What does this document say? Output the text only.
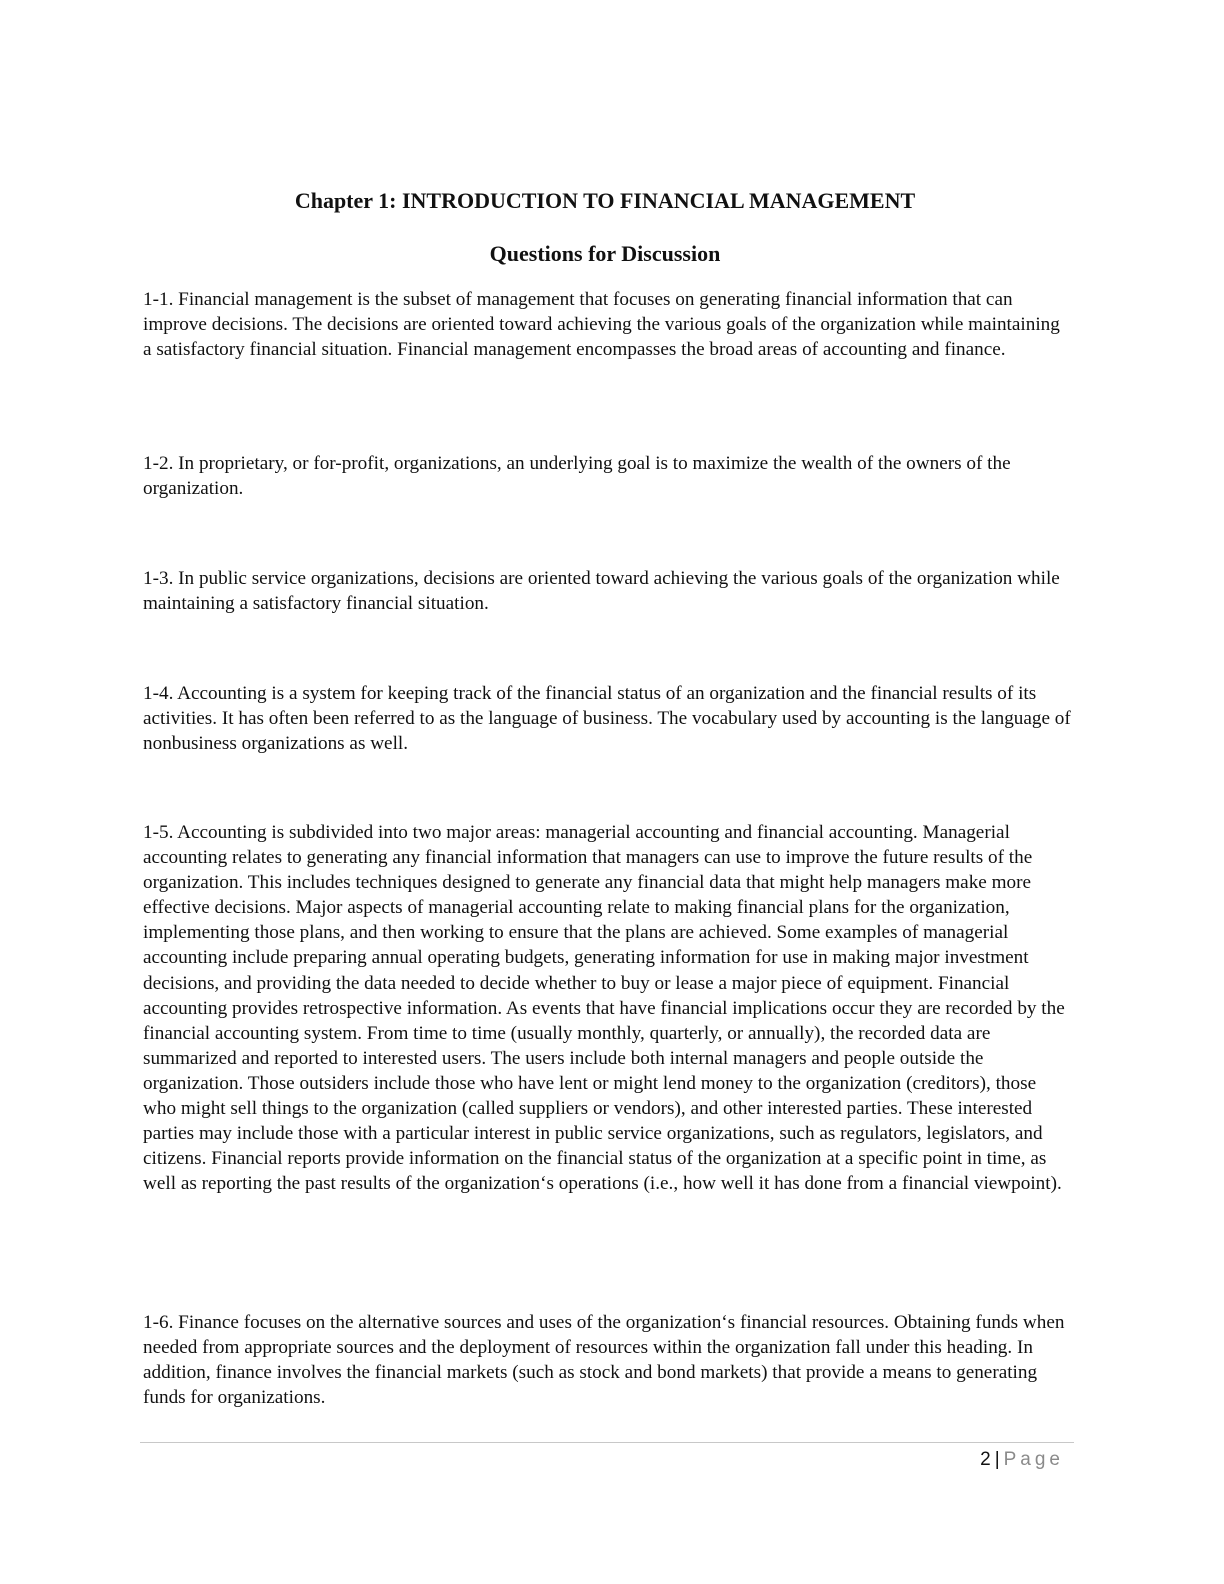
Chapter 1: INTRODUCTION TO FINANCIAL MANAGEMENT
Questions for Discussion

1-1. Financial management is the subset of management that focuses on generating financial information that can improve decisions. The decisions are oriented toward achieving the various goals of the organization while maintaining a satisfactory financial situation. Financial management encompasses the broad areas of accounting and finance.

1-2. In proprietary, or for-profit, organizations, an underlying goal is to maximize the wealth of the owners of the organization.

1-3. In public service organizations, decisions are oriented toward achieving the various goals of the organization while maintaining a satisfactory financial situation.

1-4. Accounting is a system for keeping track of the financial status of an organization and the financial results of its activities. It has often been referred to as the language of business. The vocabulary used by accounting is the language of nonbusiness organizations as well.

1-5. Accounting is subdivided into two major areas: managerial accounting and financial accounting. Managerial accounting relates to generating any financial information that managers can use to improve the future results of the organization. This includes techniques designed to generate any financial data that might help managers make more effective decisions. Major aspects of managerial accounting relate to making financial plans for the organization, implementing those plans, and then working to ensure that the plans are achieved. Some examples of managerial accounting include preparing annual operating budgets, generating information for use in making major investment decisions, and providing the data needed to decide whether to buy or lease a major piece of equipment. Financial accounting provides retrospective information. As events that have financial implications occur they are recorded by the financial accounting system. From time to time (usually monthly, quarterly, or annually), the recorded data are summarized and reported to interested users. The users include both internal managers and people outside the organization. Those outsiders include those who have lent or might lend money to the organization (creditors), those who might sell things to the organization (called suppliers or vendors), and other interested parties. These interested parties may include those with a particular interest in public service organizations, such as regulators, legislators, and citizens. Financial reports provide information on the financial status of the organization at a specific point in time, as well as reporting the past results of the organization‘s operations (i.e., how well it has done from a financial viewpoint).

1-6. Finance focuses on the alternative sources and uses of the organization‘s financial resources. Obtaining funds when needed from appropriate sources and the deployment of resources within the organization fall under this heading. In addition, finance involves the financial markets (such as stock and bond markets) that provide a means to generating funds for organizations.

2 | Page
